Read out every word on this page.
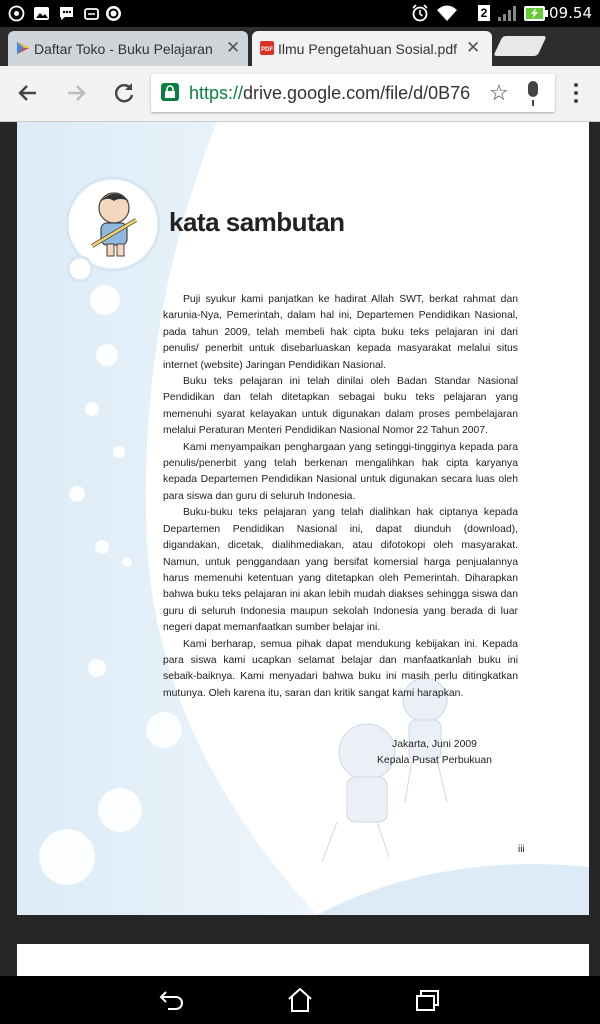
2	09.54
Daftar Toko - Buku Pelajaran ✕	PDF Ilmu Pengetahuan Sosial.pdf ✕
https://drive.google.com/file/d/0B76 ☆
kata sambutan

Puji syukur kami panjatkan ke hadirat Allah SWT, berkat rahmat dan karunia-Nya, Pemerintah, dalam hal ini, Departemen Pendidikan Nasional, pada tahun 2009, telah membeli hak cipta buku teks pelajaran ini dari penulis/ penerbit untuk disebarluaskan kepada masyarakat melalui situs internet (website) Jaringan Pendidikan Nasional.

Buku teks pelajaran ini telah dinilai oleh Badan Standar Nasional Pendidikan dan telah ditetapkan sebagai buku teks pelajaran yang memenuhi syarat kelayakan untuk digunakan dalam proses pembelajaran melalui Peraturan Menteri Pendidikan Nasional Nomor 22 Tahun 2007.

Kami menyampaikan penghargaan yang setinggi-tingginya kepada para penulis/penerbit yang telah berkenan mengalihkan hak cipta karyanya kepada Departemen Pendidikan Nasional untuk digunakan secara luas oleh para siswa dan guru di seluruh Indonesia.

Buku-buku teks pelajaran yang telah dialihkan hak ciptanya kepada Departemen Pendidikan Nasional ini, dapat diunduh (download), digandakan, dicetak, dialihmediakan, atau difotokopi oleh masyarakat. Namun, untuk penggandaan yang bersifat komersial harga penjualannya harus memenuhi ketentuan yang ditetapkan oleh Pemerintah. Diharapkan bahwa buku teks pelajaran ini akan lebih mudah diakses sehingga siswa dan guru di seluruh Indonesia maupun sekolah Indonesia yang berada di luar negeri dapat memanfaatkan sumber belajar ini.

Kami berharap, semua pihak dapat mendukung kebijakan ini. Kepada para siswa kami ucapkan selamat belajar dan manfaatkanlah buku ini sebaik-baiknya. Kami menyadari bahwa buku ini masih perlu ditingkatkan mutunya. Oleh karena itu, saran dan kritik sangat kami harapkan.

Jakarta, Juni 2009
Kepala Pusat Perbukuan
iii
